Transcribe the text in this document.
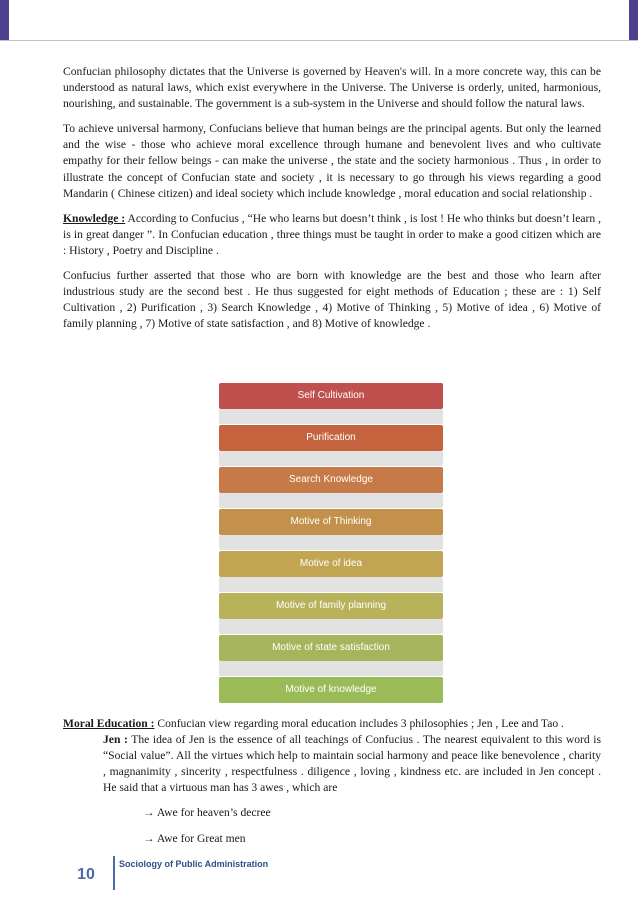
Confucian philosophy dictates that the Universe is governed by Heaven's will. In a more concrete way, this can be understood as natural laws, which exist everywhere in the Universe. The Universe is orderly, united, harmonious, nourishing, and sustainable. The government is a sub-system in the Universe and should follow the natural laws.

To achieve universal harmony, Confucians believe that human beings are the principal agents. But only the learned and the wise - those who achieve moral excellence through humane and benevolent lives and who cultivate empathy for their fellow beings - can make the universe , the state and the society harmonious . Thus , in order to illustrate the concept of Confucian state and society , it is necessary to go through his views regarding a good Mandarin ( Chinese citizen) and ideal society which include knowledge , moral education and social relationship .

Knowledge : According to Confucius , “He who learns but doesn’t think , is lost ! He who thinks but doesn’t learn , is in great danger ”. In Confucian education , three things must be taught in order to make a good citizen which are : History , Poetry and Discipline .

Confucius further asserted that those who are born with knowledge are the best and those who learn after industrious study are the second best . He thus suggested for eight methods of Education ; these are : 1) Self Cultivation , 2) Purification , 3) Search Knowledge , 4) Motive of Thinking , 5) Motive of idea , 6) Motive of family planning , 7) Motive of state satisfaction , and 8) Motive of knowledge .

Self Cultivation
Purification
Search Knowledge
Motive of Thinking
Motive of idea
Motive of family planning
Motive of state satisfaction
Motive of knowledge

Moral Education : Confucian view regarding moral education includes 3 philosophies ; Jen , Lee and Tao .

Jen : The idea of Jen is the essence of all teachings of Confucius . The nearest equivalent to this word is “Social value”. All the virtues which help to maintain social harmony and peace like benevolence , charity , magnanimity , sincerity , respectfulness . diligence , loving , kindness etc. are included in Jen concept . He said that a virtuous man has 3 awes , which are

→ Awe for heaven’s decree

→ Awe for Great men

10
Sociology of Public Administration
